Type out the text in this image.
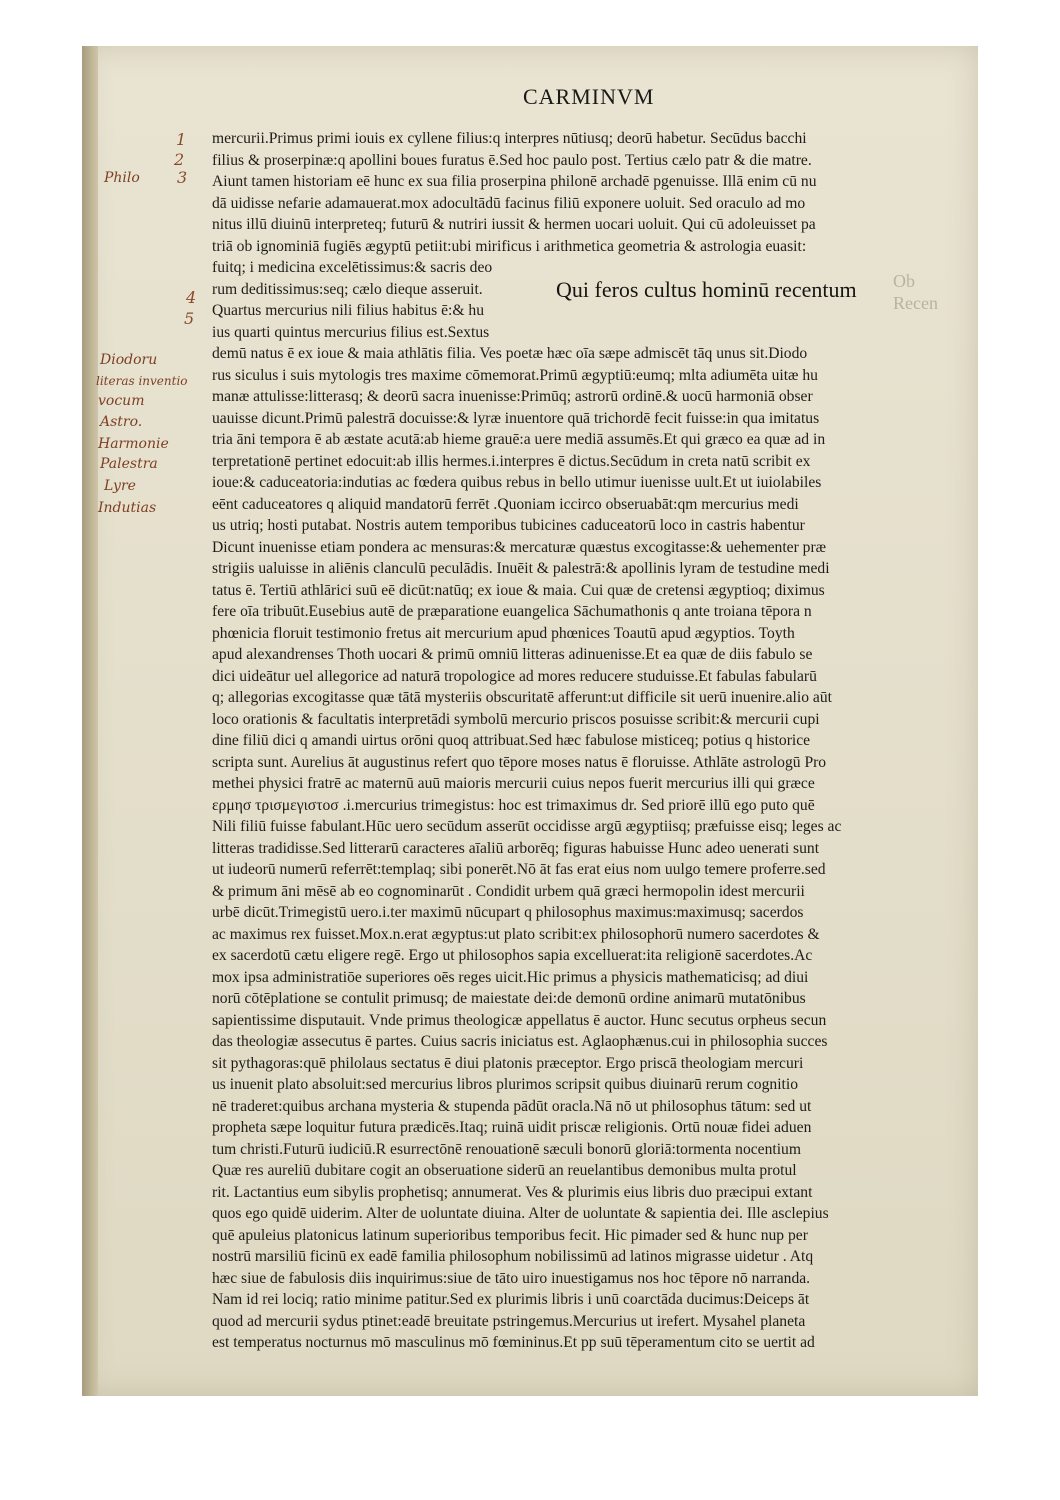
CARMINVM
Ob
Recen
1
2
3
4
5
Philo
Diodoru
literas inventio
vocum
Astro.
Harmonie
Palestra
Lyre
Indutias
Qui feros cultus hominū recentum
mercurii.Primus primi iouis ex cyllene filius:q interpres nūtiusq; deorū habetur. Secūdus bacchi
filius & proserpinæ:q apollini boues furatus ē.Sed hoc paulo post. Tertius cælo patr & die matre.
Aiunt tamen historiam eē hunc ex sua filia proserpina philonē archadē pgenuisse. Illā enim cū nu
dā uidisse nefarie adamauerat.mox adocultādū facinus filiū exponere uoluit. Sed oraculo ad mo
nitus illū diuinū interpreteq; futurū & nutriri iussit & hermen uocari uoluit. Qui cū adoleuisset pa
triā ob ignominiā fugiēs ægyptū petiit:ubi mirificus i arithmetica geometria & astrologia euasit:
fuitq; i medicina excelētissimus:& sacris deo
rum deditissimus:seq; cælo dieque asseruit.
Quartus mercurius nili filius habitus ē:& hu
ius quarti quintus mercurius filius est.Sextus
demū natus ē ex ioue & maia athlātis filia. Ves poetæ hæc oīa sæpe admiscēt tāq unus sit.Diodo
rus siculus i suis mytologis tres maxime cōmemorat.Primū ægyptiū:eumq; mlta adiumēta uitæ hu
manæ attulisse:litterasq; & deorū sacra inuenisse:Primūq; astrorū ordinē.& uocū harmoniā obser
uauisse dicunt.Primū palestrā docuisse:& lyræ inuentore quā trichordē fecit fuisse:in qua imitatus
tria āni tempora ē ab æstate acutā:ab hieme grauē:a uere mediā assumēs.Et qui græco ea quæ ad in
terpretationē pertinet edocuit:ab illis hermes.i.interpres ē dictus.Secūdum in creta natū scribit ex
ioue:& caduceatoria:indutias ac fœdera quibus rebus in bello utimur iuenisse uult.Et ut iuiolabiles
eēnt caduceatores q aliquid mandatorū ferrēt .Quoniam iccirco obseruabāt:qm mercurius medi
us utriq; hosti putabat. Nostris autem temporibus tubicines caduceatorū loco in castris habentur
Dicunt inuenisse etiam pondera ac mensuras:& mercaturæ quæstus excogitasse:& uehementer præ
strigiis ualuisse in aliēnis clanculū peculādis. Inuēit & palestrā:& apollinis lyram de testudine medi
tatus ē. Tertiū athlārici suū eē dicūt:natūq; ex ioue & maia. Cui quæ de cretensi ægyptioq; diximus
fere oīa tribuūt.Eusebius autē de præparatione euangelica Sāchumathonis q ante troiana tēpora n
phœnicia floruit testimonio fretus ait mercurium apud phœnices Toautū apud ægyptios. Toyth
apud alexandrenses Thoth uocari & primū omniū litteras adinuenisse.Et ea quæ de diis fabulo se
dici uideātur uel allegorice ad naturā tropologice ad mores reducere studuisse.Et fabulas fabularū
q; allegorias excogitasse quæ tātā mysteriis obscuritatē afferunt:ut difficile sit uerū inuenire.alio aūt
loco orationis & facultatis interpretādi symbolū mercurio priscos posuisse scribit:& mercurii cupi
dine filiū dici q amandi uirtus orōni quoq attribuat.Sed hæc fabulose misticeq; potius q historice
scripta sunt. Aurelius āt augustinus refert quo tēpore moses natus ē floruisse. Athlāte astrologū Pro
methei physici fratrē ac maternū auū maioris mercurii cuius nepos fuerit mercurius illi qui græce
ερμησ τρισμεγιστοσ .i.mercurius trimegistus: hoc est trimaximus dr. Sed priorē illū ego puto quē
Nili filiū fuisse fabulant.Hūc uero secūdum asserūt occidisse argū ægyptiisq; præfuisse eisq; leges ac
litteras tradidisse.Sed litterarū caracteres aīaliū arborēq; figuras habuisse Hunc adeo uenerati sunt
ut iudeorū numerū referrēt:templaq; sibi ponerēt.Nō āt fas erat eius nom uulgo temere proferre.sed
& primum āni mēsē ab eo cognominarūt . Condidit urbem quā græci hermopolin idest mercurii
urbē dicūt.Trimegistū uero.i.ter maximū nūcupart q philosophus maximus:maximusq; sacerdos
ac maximus rex fuisset.Mox.n.erat ægyptus:ut plato scribit:ex philosophorū numero sacerdotes &
ex sacerdotū cætu eligere regē. Ergo ut philosophos sapia excelluerat:ita religionē sacerdotes.Ac
mox ipsa administratiōe superiores oēs reges uicit.Hic primus a physicis mathematicisq; ad diui
norū cōtēplatione se contulit primusq; de maiestate dei:de demonū ordine animarū mutatōnibus
sapientissime disputauit. Vnde primus theologicæ appellatus ē auctor. Hunc secutus orpheus secun
das theologiæ assecutus ē partes. Cuius sacris iniciatus est. Aglaophænus.cui in philosophia succes
sit pythagoras:quē philolaus sectatus ē diui platonis præceptor. Ergo priscā theologiam mercuri
us inuenit plato absoluit:sed mercurius libros plurimos scripsit quibus diuinarū rerum cognitio
nē traderet:quibus archana mysteria & stupenda pādūt oracla.Nā nō ut philosophus tātum: sed ut
propheta sæpe loquitur futura prædicēs.Itaq; ruinā uidit priscæ religionis. Ortū nouæ fidei aduen
tum christi.Futurū iudiciū.R esurrectōnē renouationē sæculi bonorū gloriā:tormenta nocentium
Quæ res aureliū dubitare cogit an obseruatione siderū an reuelantibus demonibus multa protul
rit. Lactantius eum sibylis prophetisq; annumerat. Ves & plurimis eius libris duo præcipui extant
quos ego quidē uiderim. Alter de uoluntate diuina. Alter de uoluntate & sapientia dei. Ille asclepius
quē apuleius platonicus latinum superioribus temporibus fecit. Hic pimader sed & hunc nup per
nostrū marsiliū ficinū ex eadē familia philosophum nobilissimū ad latinos migrasse uidetur . Atq
hæc siue de fabulosis diis inquirimus:siue de tāto uiro inuestigamus nos hoc tēpore nō narranda.
Nam id rei lociq; ratio minime patitur.Sed ex plurimis libris i unū coarctāda ducimus:Deiceps āt
quod ad mercurii sydus ptinet:eadē breuitate pstringemus.Mercurius ut irefert. Mysahel planeta
est temperatus nocturnus mō masculinus mō fœmininus.Et pp suū tēperamentum cito se uertit ad
